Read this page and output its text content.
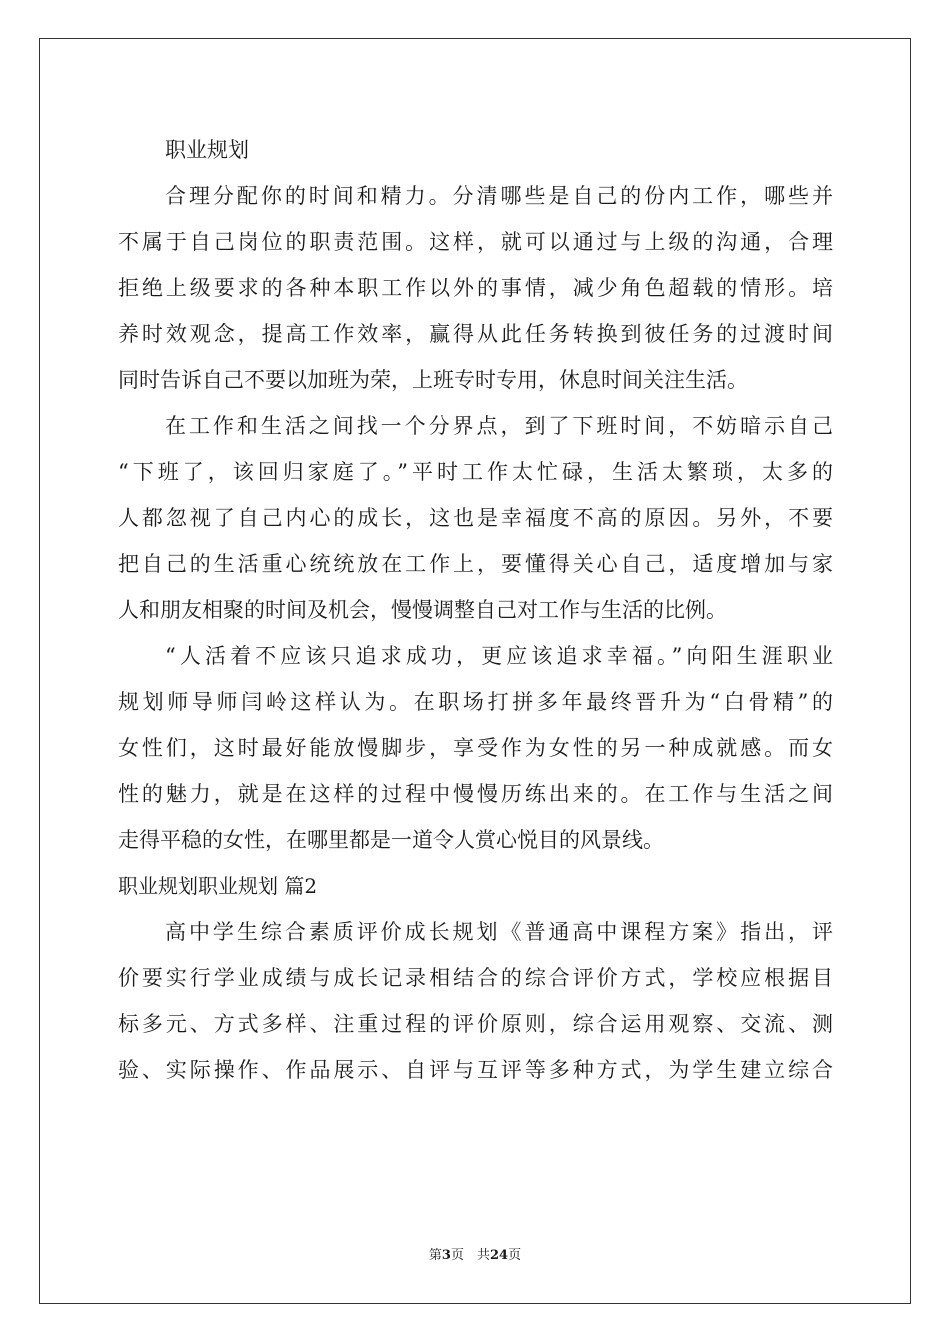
职业规划
合理分配你的时间和精力。分清哪些是自己的份内工作，哪些并
不属于自己岗位的职责范围。这样，就可以通过与上级的沟通，合理
拒绝上级要求的各种本职工作以外的事情，减少角色超载的情形。培
养时效观念，提高工作效率，赢得从此任务转换到彼任务的过渡时间
同时告诉自己不要以加班为荣，上班专时专用，休息时间关注生活。
在工作和生活之间找一个分界点，到了下班时间，不妨暗示自己
“下班了，该回归家庭了。”平时工作太忙碌，生活太繁琐，太多的
人都忽视了自己内心的成长，这也是幸福度不高的原因。另外，不要
把自己的生活重心统统放在工作上，要懂得关心自己，适度增加与家
人和朋友相聚的时间及机会，慢慢调整自己对工作与生活的比例。
“人活着不应该只追求成功，更应该追求幸福。”向阳生涯职业
规划师导师闫岭这样认为。在职场打拼多年最终晋升为“白骨精”的
女性们，这时最好能放慢脚步，享受作为女性的另一种成就感。而女
性的魅力，就是在这样的过程中慢慢历练出来的。在工作与生活之间
走得平稳的女性，在哪里都是一道令人赏心悦目的风景线。
职业规划职业规划 篇2
高中学生综合素质评价成长规划《普通高中课程方案》指出，评
价要实行学业成绩与成长记录相结合的综合评价方式，学校应根据目
标多元、方式多样、注重过程的评价原则，综合运用观察、交流、测
验、实际操作、作品展示、自评与互评等多种方式，为学生建立综合
第3页　共24页
